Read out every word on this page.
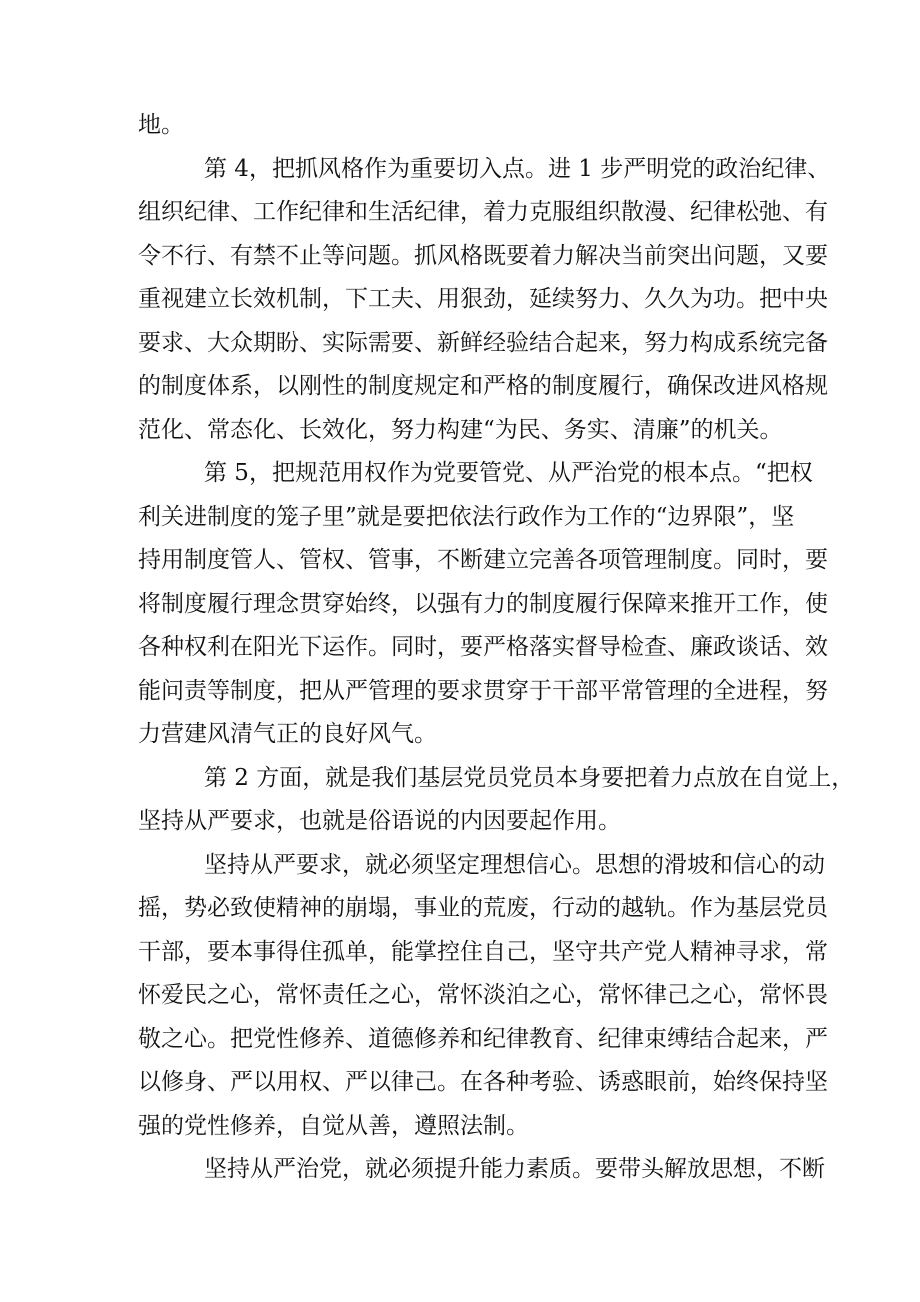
地。
第 4，把抓风格作为重要切入点。进 1 步严明党的政治纪律、
组织纪律、工作纪律和生活纪律，着力克服组织散漫、纪律松弛、有
令不行、有禁不止等问题。抓风格既要着力解决当前突出问题，又要
重视建立长效机制，下工夫、用狠劲，延续努力、久久为功。把中央
要求、大众期盼、实际需要、新鲜经验结合起来，努力构成系统完备
的制度体系，以刚性的制度规定和严格的制度履行，确保改进风格规
范化、常态化、长效化，努力构建“为民、务实、清廉”的机关。
第 5，把规范用权作为党要管党、从严治党的根本点。“把权
利关进制度的笼子里”就是要把依法行政作为工作的“边界限”，坚
持用制度管人、管权、管事，不断建立完善各项管理制度。同时，要
将制度履行理念贯穿始终，以强有力的制度履行保障来推开工作，使
各种权利在阳光下运作。同时，要严格落实督导检查、廉政谈话、效
能问责等制度，把从严管理的要求贯穿于干部平常管理的全进程，努
力营建风清气正的良好风气。
第 2 方面，就是我们基层党员党员本身要把着力点放在自觉上，
坚持从严要求，也就是俗语说的内因要起作用。
坚持从严要求，就必须坚定理想信心。思想的滑坡和信心的动
摇，势必致使精神的崩塌，事业的荒废，行动的越轨。作为基层党员
干部，要本事得住孤单，能掌控住自己，坚守共产党人精神寻求，常
怀爱民之心，常怀责任之心，常怀淡泊之心，常怀律己之心，常怀畏
敬之心。把党性修养、道德修养和纪律教育、纪律束缚结合起来，严
以修身、严以用权、严以律己。在各种考验、诱惑眼前，始终保持坚
强的党性修养，自觉从善，遵照法制。
坚持从严治党，就必须提升能力素质。要带头解放思想，不断
